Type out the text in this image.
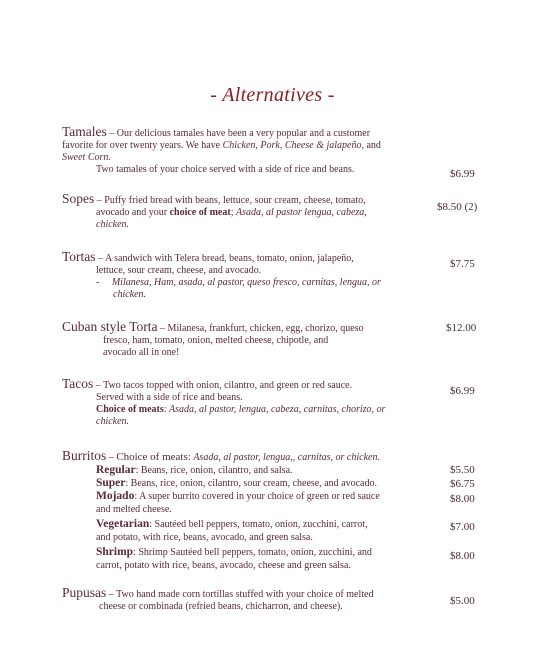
- Alternatives -
Tamales – Our delicious tamales have been a very popular and a customer
favorite for over twenty years. We have Chicken, Pork, Cheese & jalapeño, and
Sweet Corn.
Two tamales of your choice served with a side of rice and beans.	$6.99
Sopes – Puffy fried bread with beans, lettuce, sour cream, cheese, tomato,
avocado and your choice of meat; Asada, al pastor lengua, cabeza,
chicken.
$8.50 (2)
Tortas – A sandwich with Telera bread, beans, tomato, onion, jalapeño,
lettuce, sour cream, cheese, and avocado.
-     Milanesa, Ham, asada, al pastor, queso fresco, carnitas, lengua, or
chicken.
$7.75
Cuban style Torta – Milanesa, frankfurt, chicken, egg, chorizo, queso
fresco, ham, tomato, onion, melted cheese, chipotle, and
avocado all in one!
$12.00
Tacos – Two tacos topped with onion, cilantro, and green or red sauce.
Served with a side of rice and beans.
Choice of meats: Asada, al pastor, lengua, cabeza, carnitas, chorizo, or
chicken.
$6.99
Burritos – Choice of meats: Asada, al pastor, lengua,, carnitas, or chicken.
Regular: Beans, rice, onion, cilantro, and salsa.
Super: Beans, rice, onion, cilantro, sour cream, cheese, and avocado.
Mojado: A super burrito covered in your choice of green or red sauce
and melted cheese.
Vegetarian: Sautéed bell peppers, tomato, onion, zucchini, carrot,
and potato, with rice, beans, avocado, and green salsa.
Shrimp: Shrimp Sautéed bell peppers, tomato, onion, zucchini, and
carrot, potato with rice, beans, avocado, cheese and green salsa.
$5.50
$6.75
$8.00
$7.00
$8.00
Pupusas – Two hand made corn tortillas stuffed with your choice of melted
cheese or combinada (refried beans, chicharron, and cheese).	$5.00
